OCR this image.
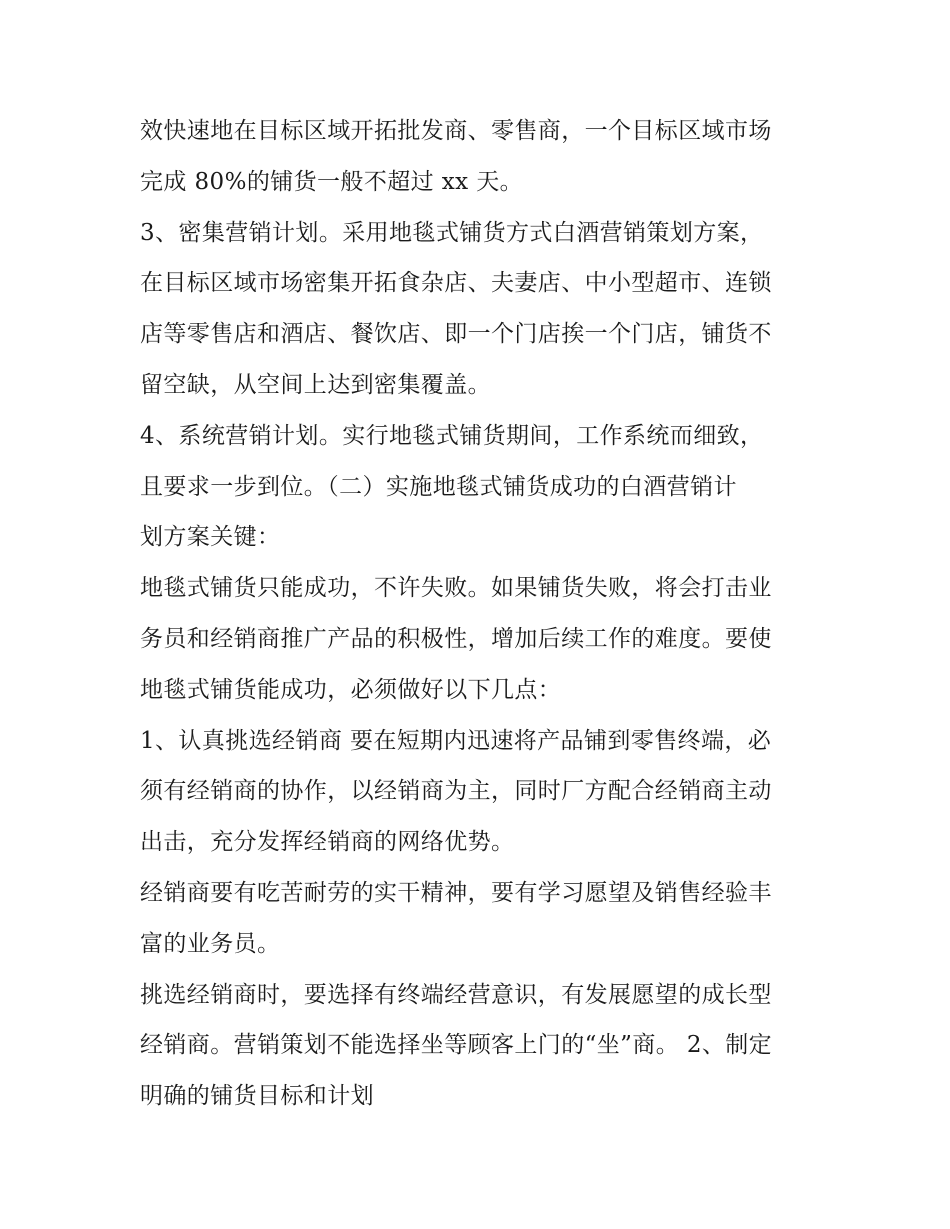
效快速地在目标区域开拓批发商、零售商，一个目标区域市场
完成 80%的铺货一般不超过 xx 天。
3、密集营销计划。采用地毯式铺货方式白酒营销策划方案，
在目标区域市场密集开拓食杂店、夫妻店、中小型超市、连锁
店等零售店和酒店、餐饮店、即一个门店挨一个门店，铺货不
留空缺，从空间上达到密集覆盖。
4、系统营销计划。实行地毯式铺货期间，工作系统而细致，
且要求一步到位。（二）实施地毯式铺货成功的白酒营销计
划方案关键：
地毯式铺货只能成功，不许失败。如果铺货失败，将会打击业
务员和经销商推广产品的积极性，增加后续工作的难度。要使
地毯式铺货能成功，必须做好以下几点：
1、认真挑选经销商 要在短期内迅速将产品铺到零售终端，必
须有经销商的协作，以经销商为主，同时厂方配合经销商主动
出击，充分发挥经销商的网络优势。
经销商要有吃苦耐劳的实干精神，要有学习愿望及销售经验丰
富的业务员。
挑选经销商时，要选择有终端经营意识，有发展愿望的成长型
经销商。营销策划不能选择坐等顾客上门的“坐”商。 2、制定
明确的铺货目标和计划
